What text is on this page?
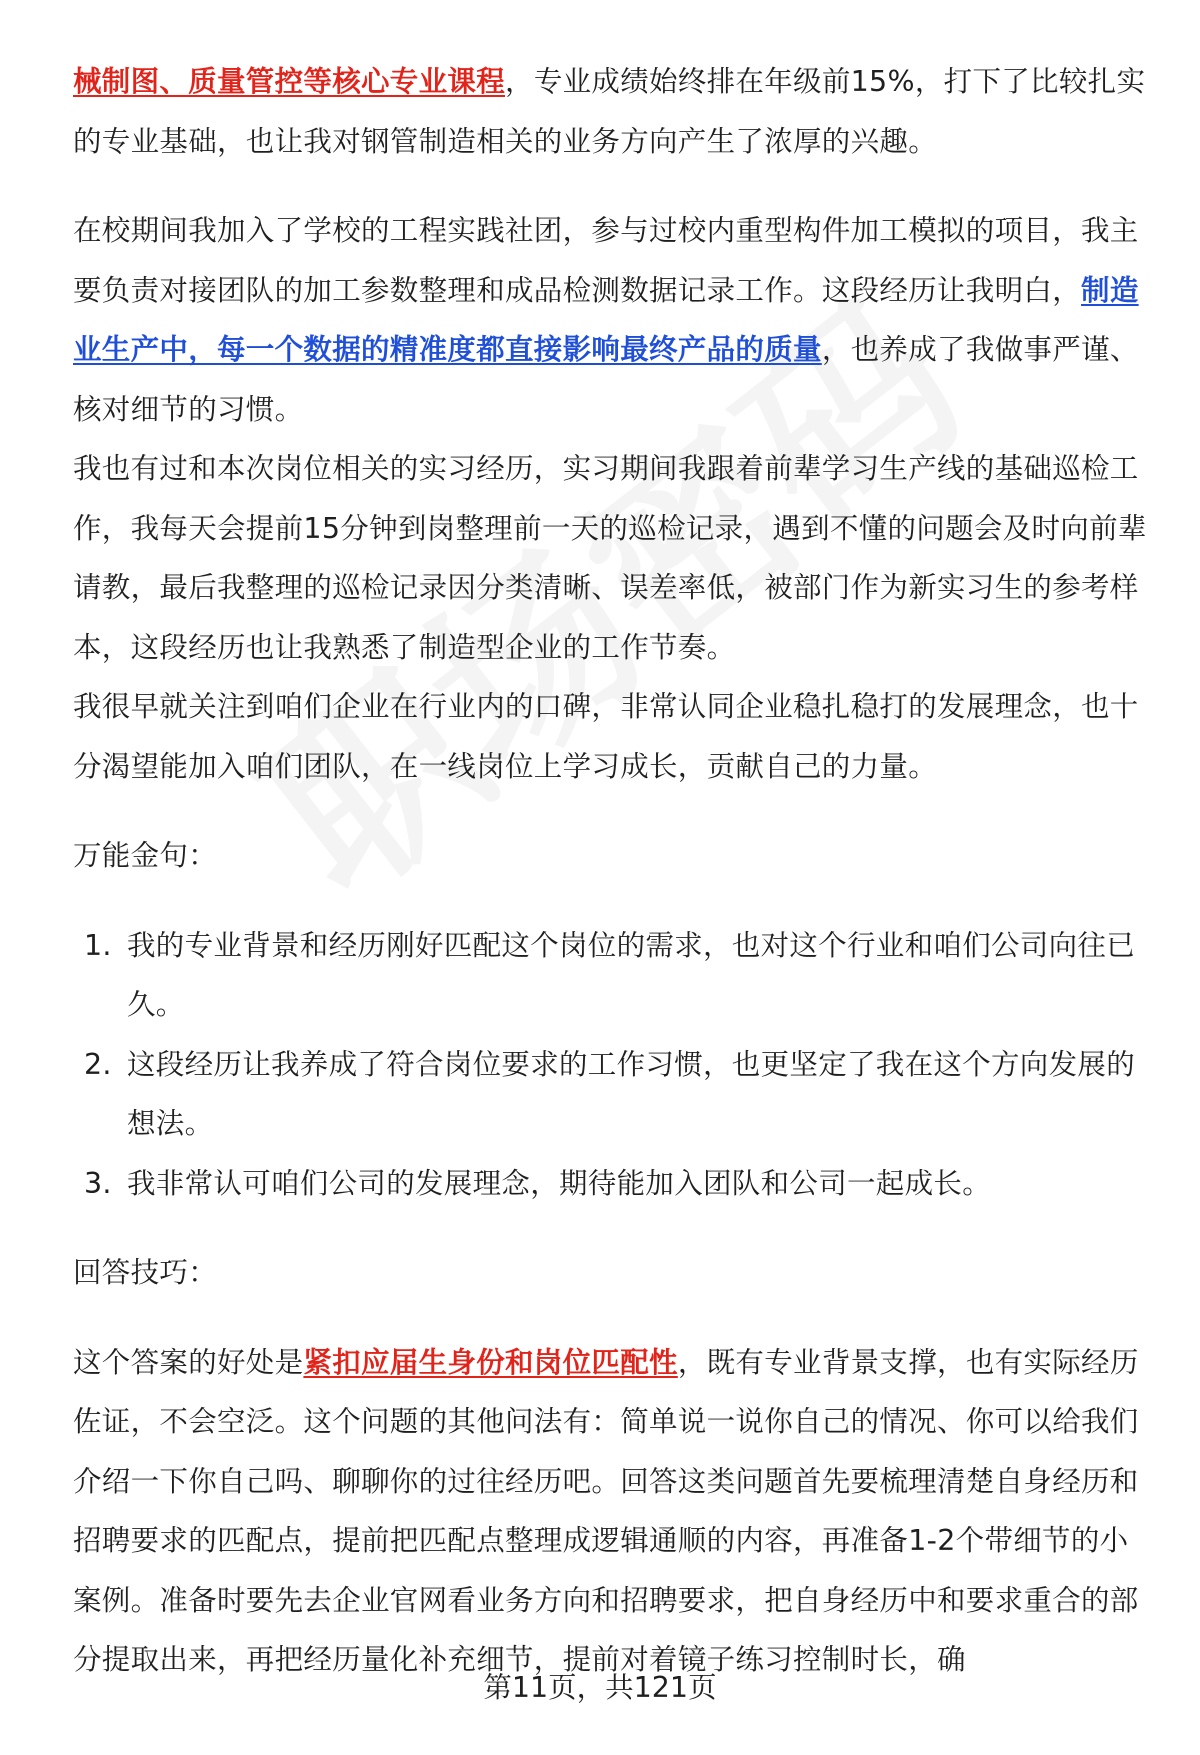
械制图、质量管控等核心专业课程，专业成绩始终排在年级前15%，打下了比较扎实的专业基础，也让我对钢管制造相关的业务方向产生了浓厚的兴趣。

在校期间我加入了学校的工程实践社团，参与过校内重型构件加工模拟的项目，我主要负责对接团队的加工参数整理和成品检测数据记录工作。这段经历让我明白，制造业生产中，每一个数据的精准度都直接影响最终产品的质量，也养成了我做事严谨、核对细节的习惯。

我也有过和本次岗位相关的实习经历，实习期间我跟着前辈学习生产线的基础巡检工作，我每天会提前15分钟到岗整理前一天的巡检记录，遇到不懂的问题会及时向前辈请教，最后我整理的巡检记录因分类清晰、误差率低，被部门作为新实习生的参考样本，这段经历也让我熟悉了制造型企业的工作节奏。

我很早就关注到咱们企业在行业内的口碑，非常认同企业稳扎稳打的发展理念，也十分渴望能加入咱们团队，在一线岗位上学习成长，贡献自己的力量。

万能金句：

1. 我的专业背景和经历刚好匹配这个岗位的需求，也对这个行业和咱们公司向往已久。
2. 这段经历让我养成了符合岗位要求的工作习惯，也更坚定了我在这个方向发展的想法。
3. 我非常认可咱们公司的发展理念，期待能加入团队和公司一起成长。

回答技巧：

这个答案的好处是紧扣应届生身份和岗位匹配性，既有专业背景支撑，也有实际经历佐证，不会空泛。这个问题的其他问法有：简单说一说你自己的情况、你可以给我们介绍一下你自己吗、聊聊你的过往经历吧。回答这类问题首先要梳理清楚自身经历和招聘要求的匹配点，提前把匹配点整理成逻辑通顺的内容，再准备1-2个带细节的小案例。准备时要先去企业官网看业务方向和招聘要求，把自身经历中和要求重合的部分提取出来，再把经历量化补充细节，提前对着镜子练习控制时长，确

第11页，共121页
